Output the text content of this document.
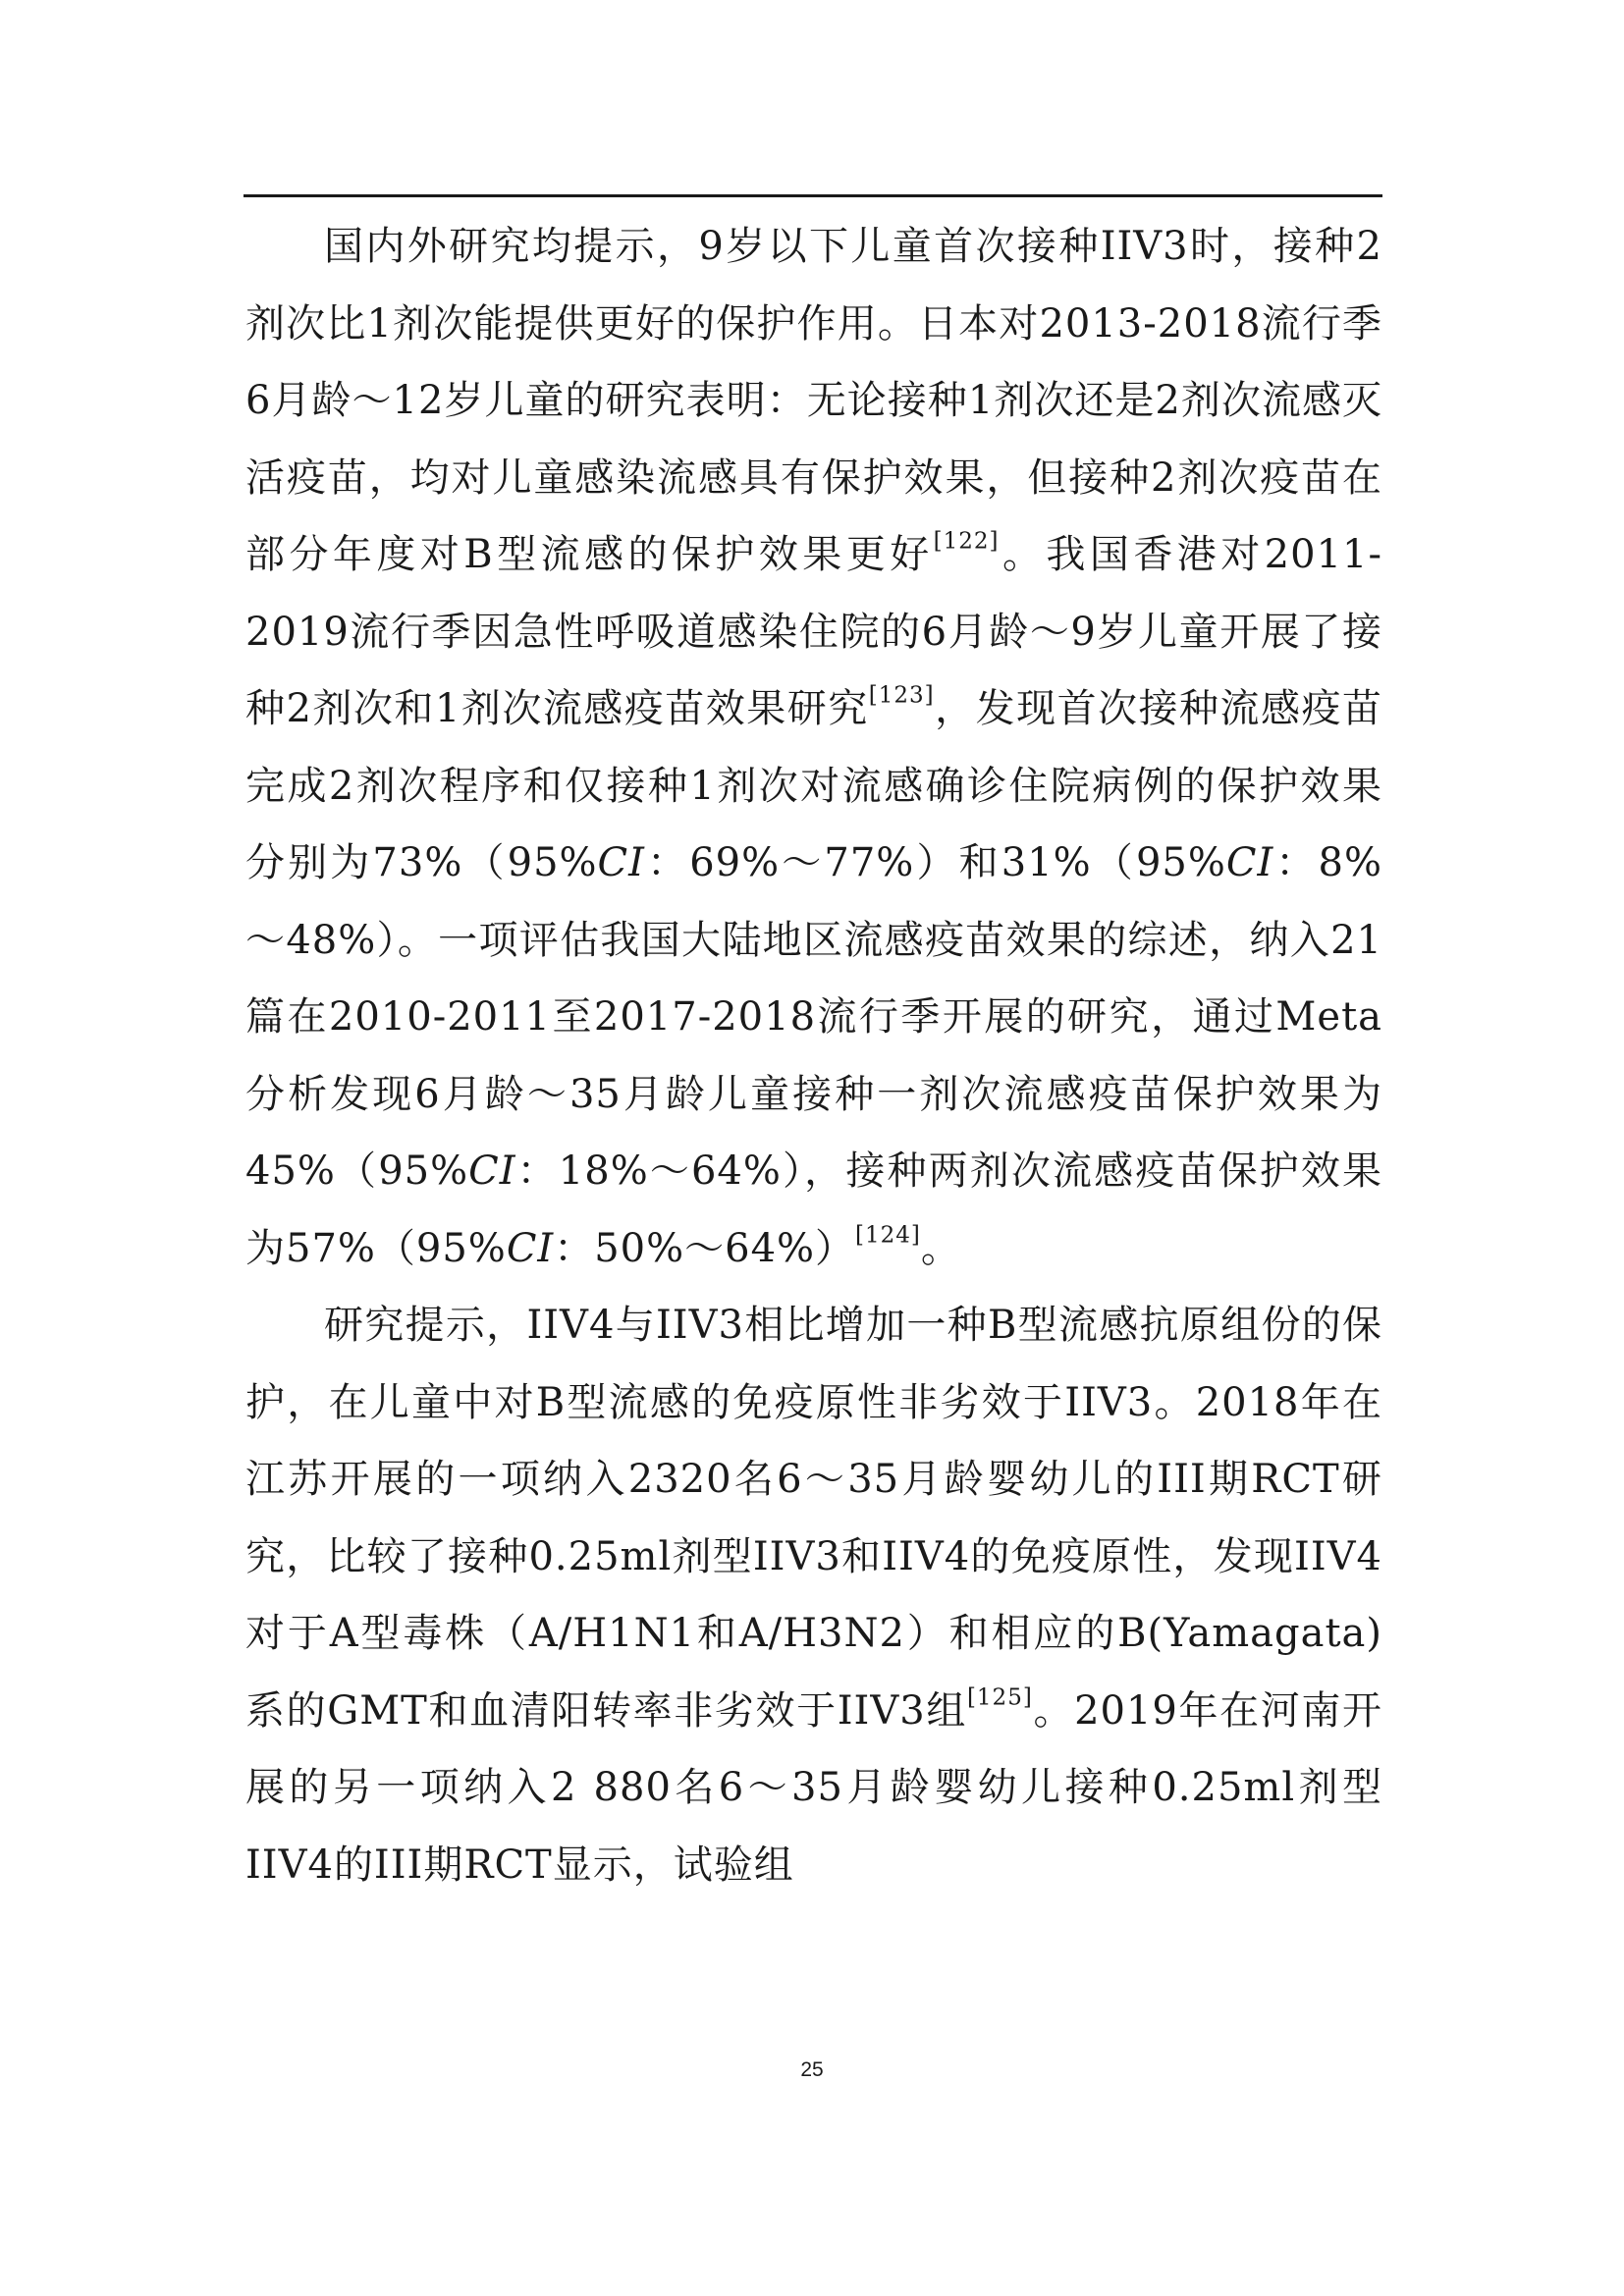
国内外研究均提示，9岁以下儿童首次接种IIV3时，接种2剂次比1剂次能提供更好的保护作用。日本对2013-2018流行季6月龄～12岁儿童的研究表明：无论接种1剂次还是2剂次流感灭活疫苗，均对儿童感染流感具有保护效果，但接种2剂次疫苗在部分年度对B型流感的保护效果更好[122]。我国香港对2011-2019流行季因急性呼吸道感染住院的6月龄～9岁儿童开展了接种2剂次和1剂次流感疫苗效果研究[123]，发现首次接种流感疫苗完成2剂次程序和仅接种1剂次对流感确诊住院病例的保护效果分别为73%（95%CI：69%～77%）和31%（95%CI：8%～48%）。一项评估我国大陆地区流感疫苗效果的综述，纳入21篇在2010-2011至2017-2018流行季开展的研究，通过Meta分析发现6月龄～35月龄儿童接种一剂次流感疫苗保护效果为45%（95%CI：18%～64%），接种两剂次流感疫苗保护效果为57%（95%CI：50%～64%）[124]。

研究提示，IIV4与IIV3相比增加一种B型流感抗原组份的保护，在儿童中对B型流感的免疫原性非劣效于IIV3。2018年在江苏开展的一项纳入2320名6～35月龄婴幼儿的III期RCT研究，比较了接种0.25ml剂型IIV3和IIV4的免疫原性，发现IIV4对于A型毒株（A/H1N1和A/H3N2）和相应的B(Yamagata)系的GMT和血清阳转率非劣效于IIV3组[125]。2019年在河南开展的另一项纳入2 880名6～35月龄婴幼儿接种0.25ml剂型IIV4的III期RCT显示，试验组

25
